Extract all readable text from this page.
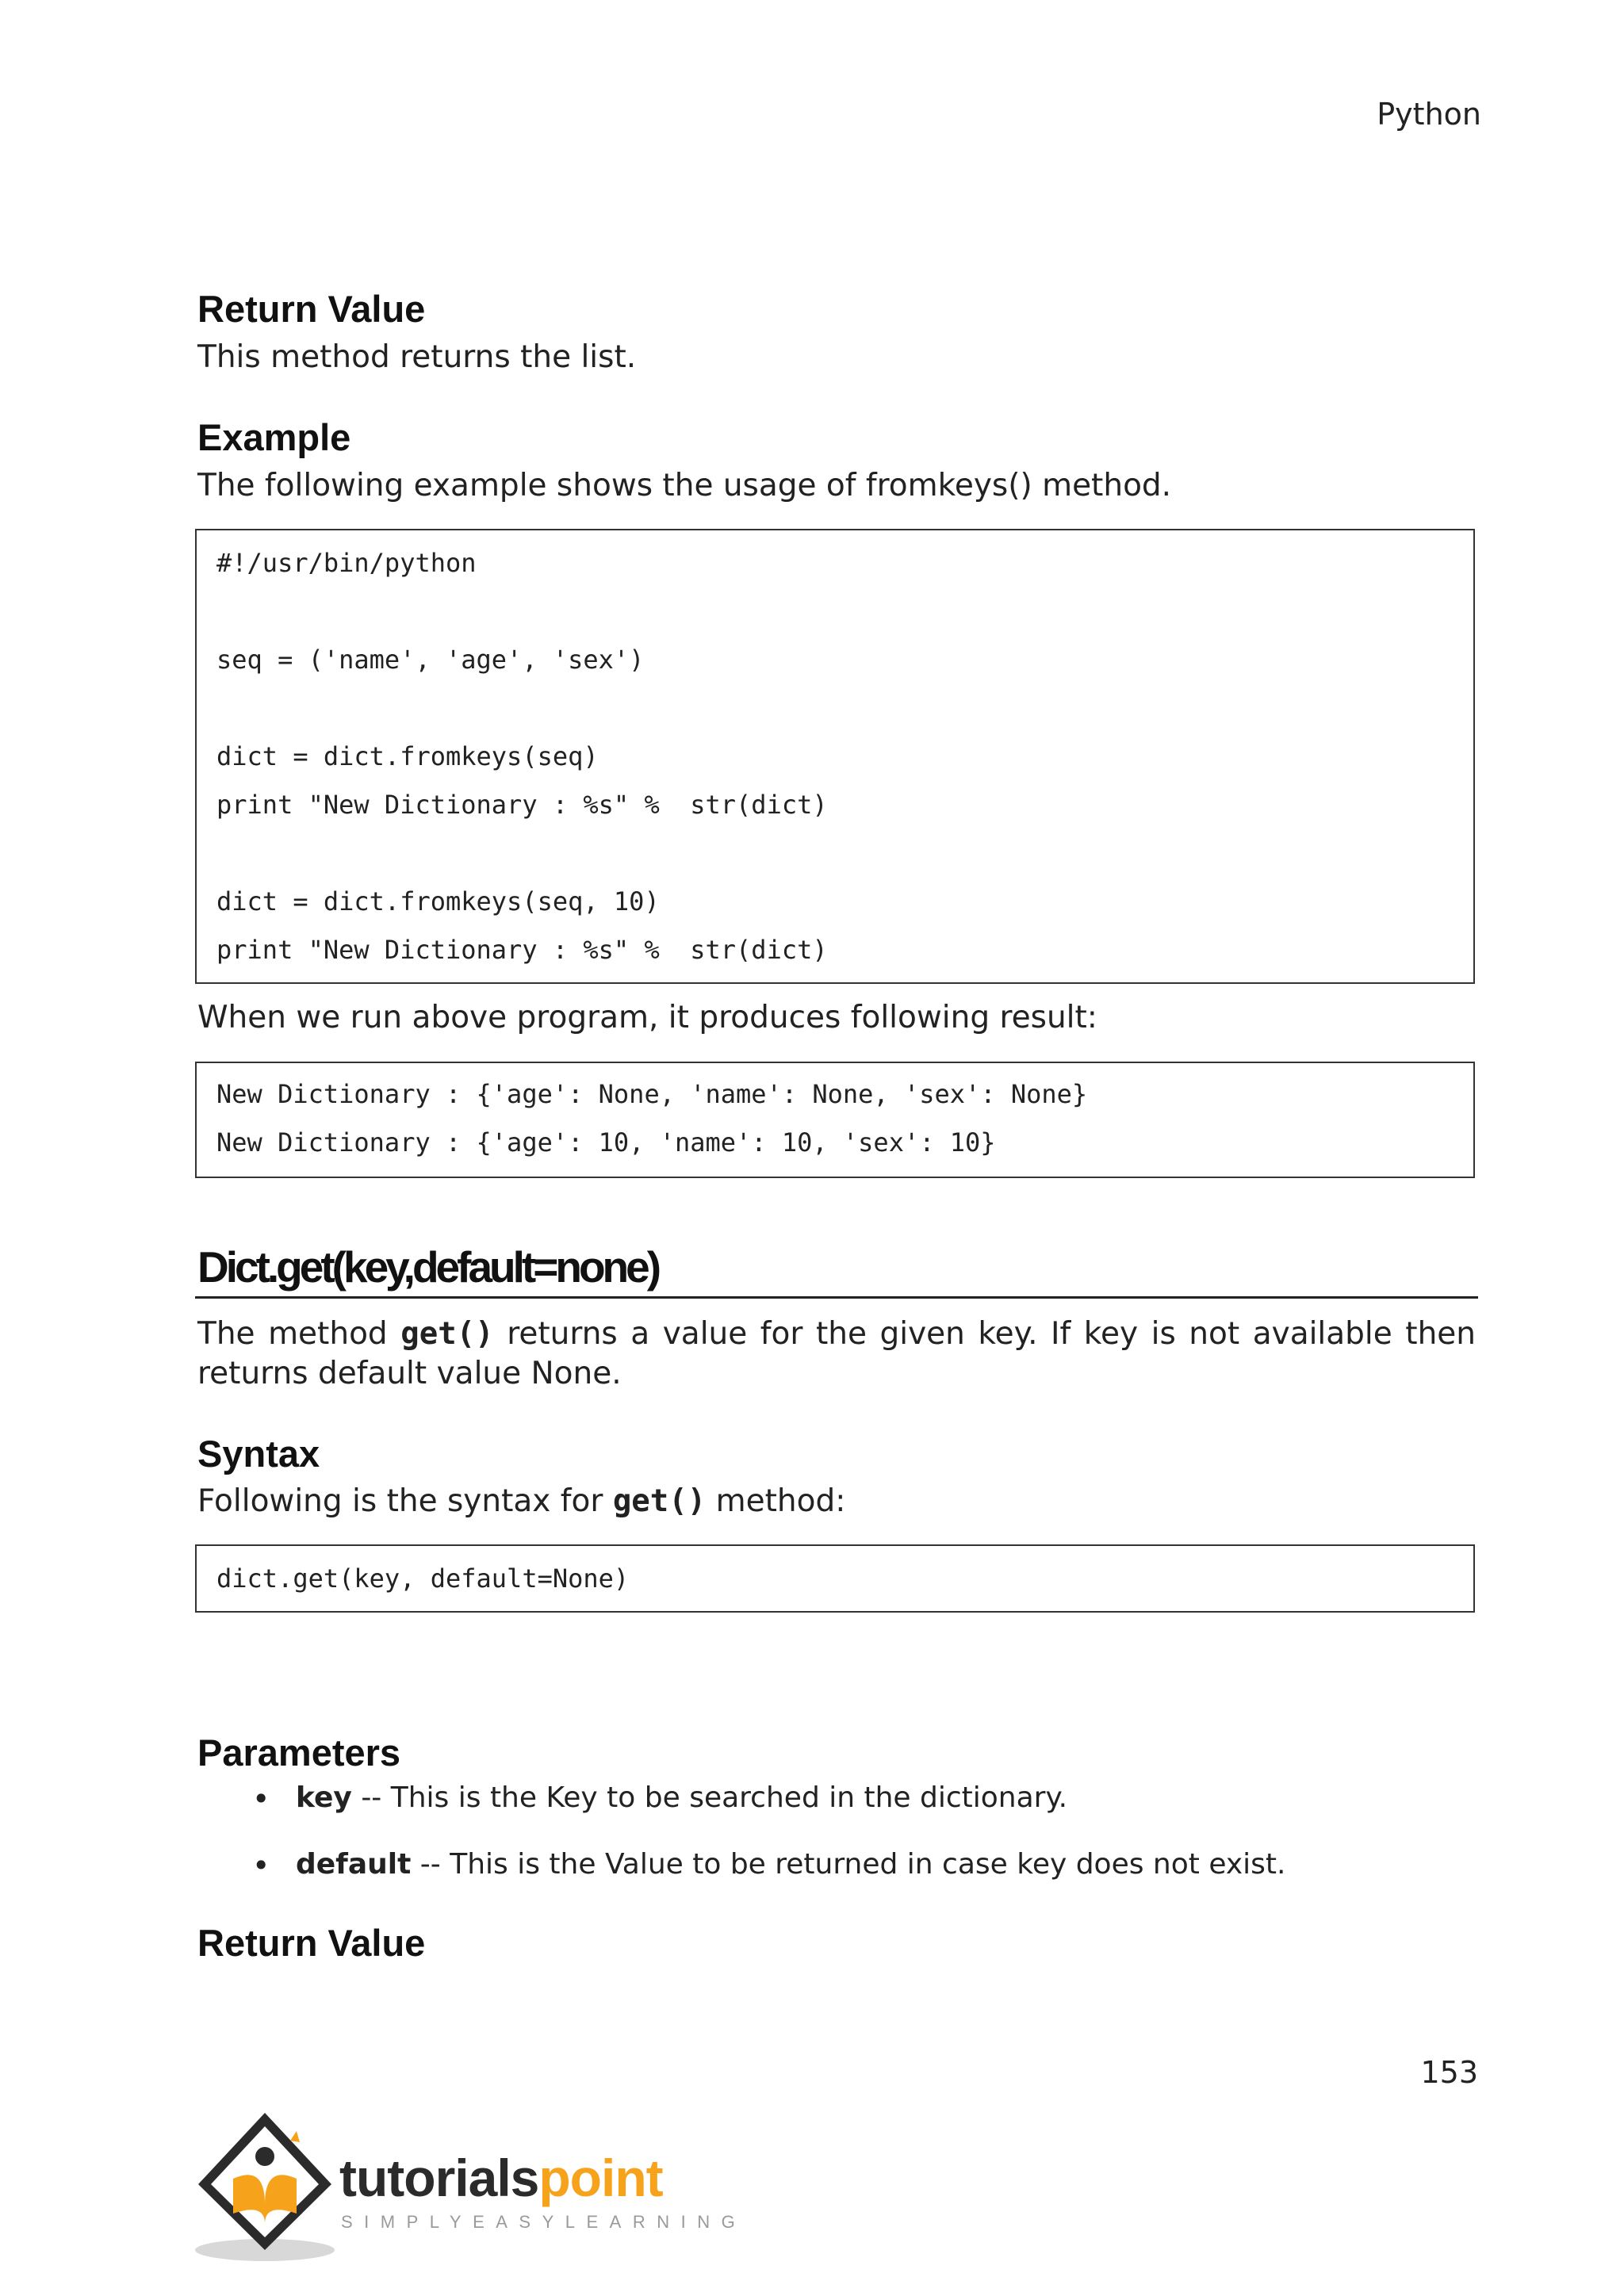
Python
Return Value
This method returns the list.
Example
The following example shows the usage of fromkeys() method.
#!/usr/bin/python
seq = ('name', 'age', 'sex')
dict = dict.fromkeys(seq)
print "New Dictionary : %s" %  str(dict)
dict = dict.fromkeys(seq, 10)
print "New Dictionary : %s" %  str(dict)
When we run above program, it produces following result:
New Dictionary : {'age': None, 'name': None, 'sex': None}
New Dictionary : {'age': 10, 'name': 10, 'sex': 10}
Dict.get(key,default=none)
The method get() returns a value for the given key. If key is not available then returns default value None.
Syntax
Following is the syntax for get() method:
dict.get(key, default=None)
Parameters
• key -- This is the Key to be searched in the dictionary.
• default -- This is the Value to be returned in case key does not exist.
Return Value
153
tutorialspoint
SIMPLYEASYLEARNING
